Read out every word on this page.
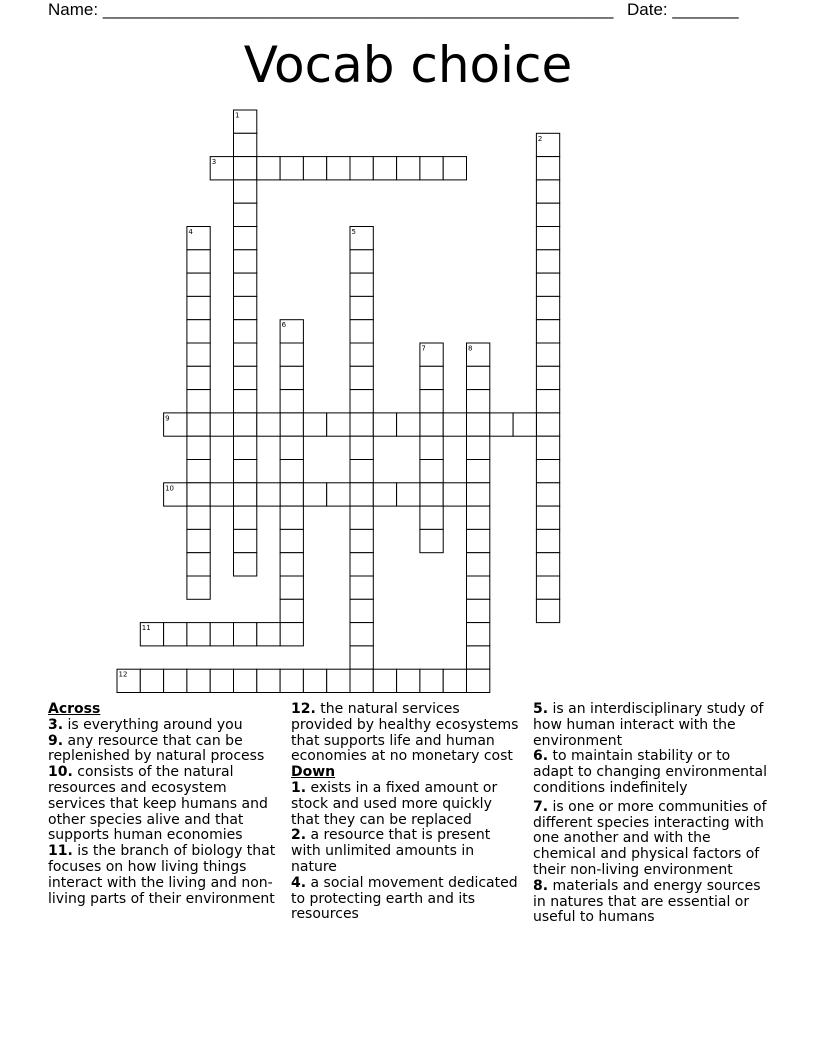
Name: ______________________________________________________ Date: _______
Vocab choice
1
2
3
4	5
6
7	8
9
10
11
12

Across

3. is everything around you

9. any resource that can be replenished by natural process

10. consists of the natural resources and ecosystem services that keep humans and other species alive and that supports human economies

11. is the branch of biology that focuses on how living things interact with the living and non-living parts of their environment

12. the natural services provided by healthy ecosystems that supports life and human economies at no monetary cost

Down

1. exists in a fixed amount or stock and used more quickly that they can be replaced

2. a resource that is present with unlimited amounts in nature

4. a social movement dedicated to protecting earth and its resources

5. is an interdisciplinary study of how human interact with the environment

6. to maintain stability or to adapt to changing environmental conditions indefinitely

7. is one or more communities of different species interacting with one another and with the chemical and physical factors of their non-living environment

8. materials and energy sources in natures that are essential or useful to humans
